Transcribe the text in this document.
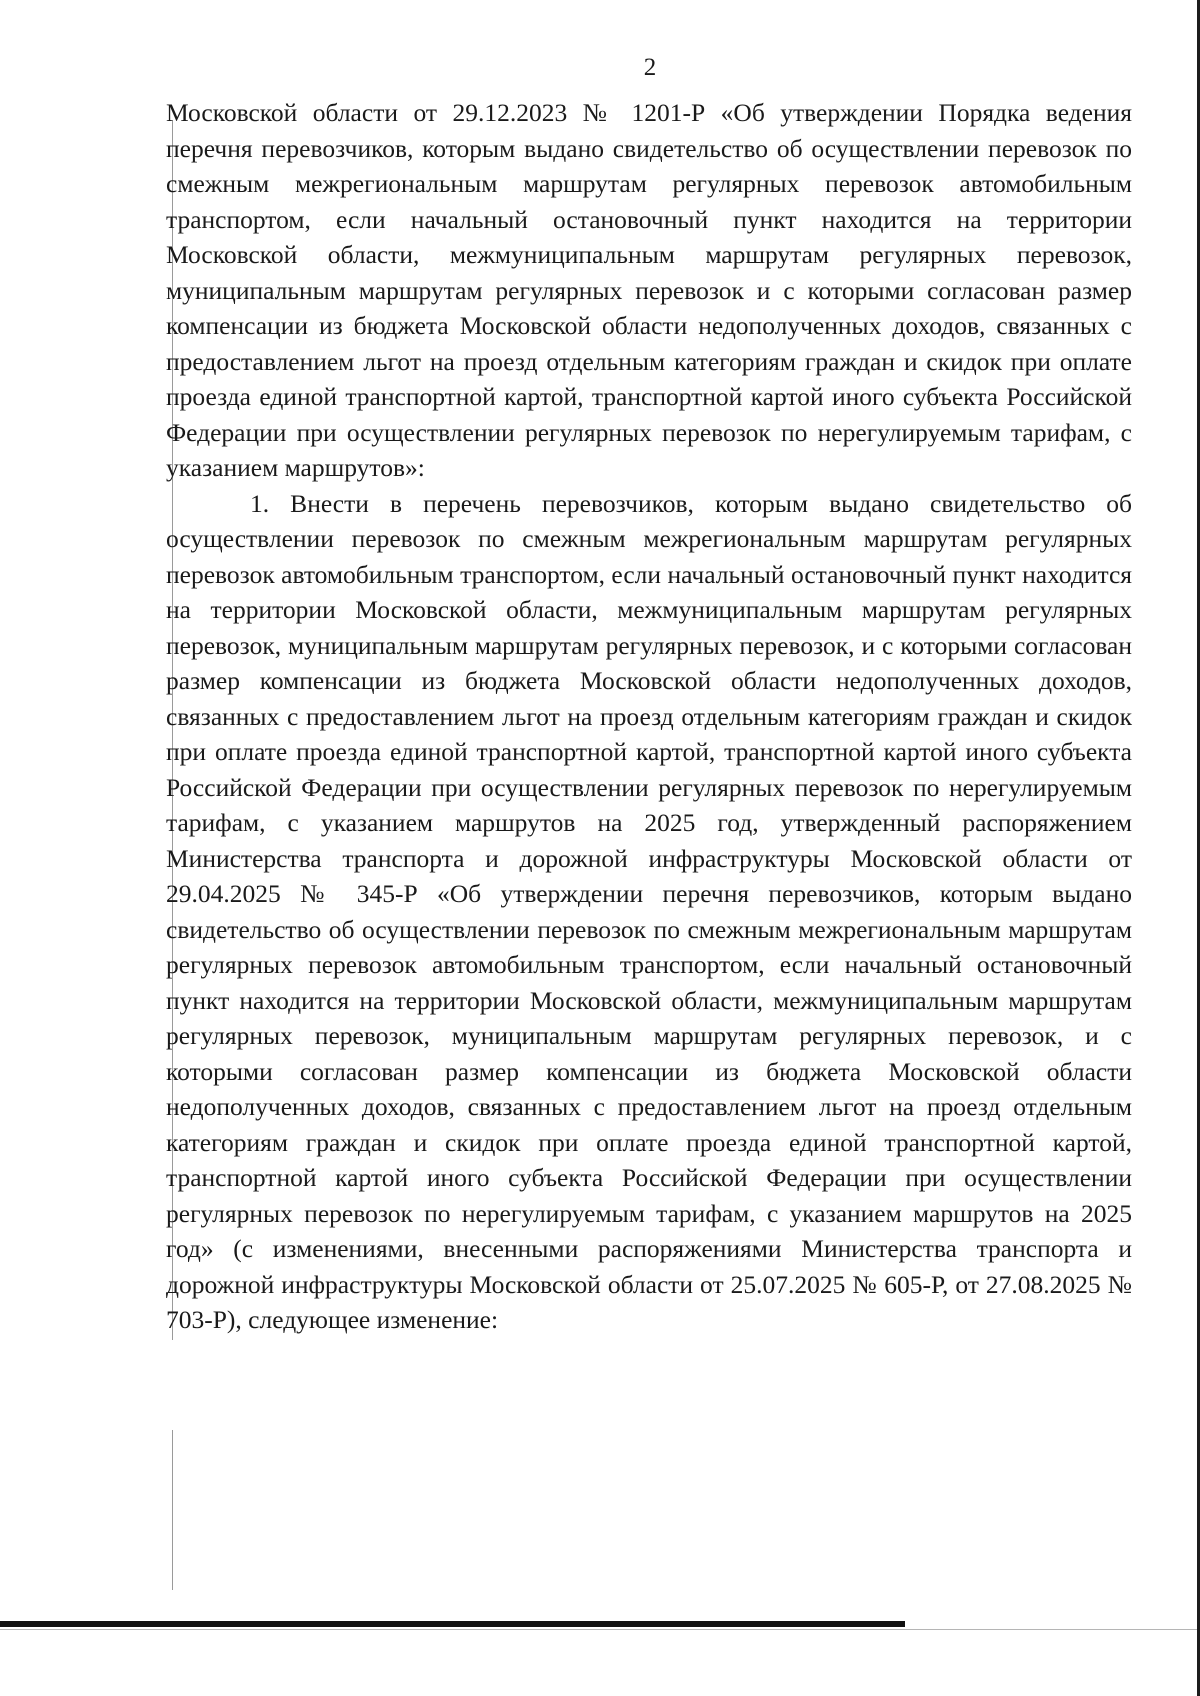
2

Московской области от 29.12.2023 № 1201-Р «Об утверждении Порядка ведения перечня перевозчиков, которым выдано свидетельство об осуществлении перевозок по смежным межрегиональным маршрутам регулярных перевозок автомобильным транспортом, если начальный остановочный пункт находится на территории Московской области, межмуниципальным маршрутам регулярных перевозок, муниципальным маршрутам регулярных перевозок и с которыми согласован размер компенсации из бюджета Московской области недополученных доходов, связанных с предоставлением льгот на проезд отдельным категориям граждан и скидок при оплате проезда единой транспортной картой, транспортной картой иного субъекта Российской Федерации при осуществлении регулярных перевозок по нерегулируемым тарифам, с указанием маршрутов»:

1. Внести в перечень перевозчиков, которым выдано свидетельство об осуществлении перевозок по смежным межрегиональным маршрутам регулярных перевозок автомобильным транспортом, если начальный остановочный пункт находится на территории Московской области, межмуниципальным маршрутам регулярных перевозок, муниципальным маршрутам регулярных перевозок, и с которыми согласован размер компенсации из бюджета Московской области недополученных доходов, связанных с предоставлением льгот на проезд отдельным категориям граждан и скидок при оплате проезда единой транспортной картой, транспортной картой иного субъекта Российской Федерации при осуществлении регулярных перевозок по нерегулируемым тарифам, с указанием маршрутов на 2025 год, утвержденный распоряжением Министерства транспорта и дорожной инфраструктуры Московской области от 29.04.2025 № 345-Р «Об утверждении перечня перевозчиков, которым выдано свидетельство об осуществлении перевозок по смежным межрегиональным маршрутам регулярных перевозок автомобильным транспортом, если начальный остановочный пункт находится на территории Московской области, межмуниципальным маршрутам регулярных перевозок, муниципальным маршрутам регулярных перевозок, и с которыми согласован размер компенсации из бюджета Московской области недополученных доходов, связанных с предоставлением льгот на проезд отдельным категориям граждан и скидок при оплате проезда единой транспортной картой, транспортной картой иного субъекта Российской Федерации при осуществлении регулярных перевозок по нерегулируемым тарифам, с указанием маршрутов на 2025 год» (с изменениями, внесенными распоряжениями Министерства транспорта и дорожной инфраструктуры Московской области от 25.07.2025 № 605-Р, от 27.08.2025 № 703-Р), следующее изменение:
